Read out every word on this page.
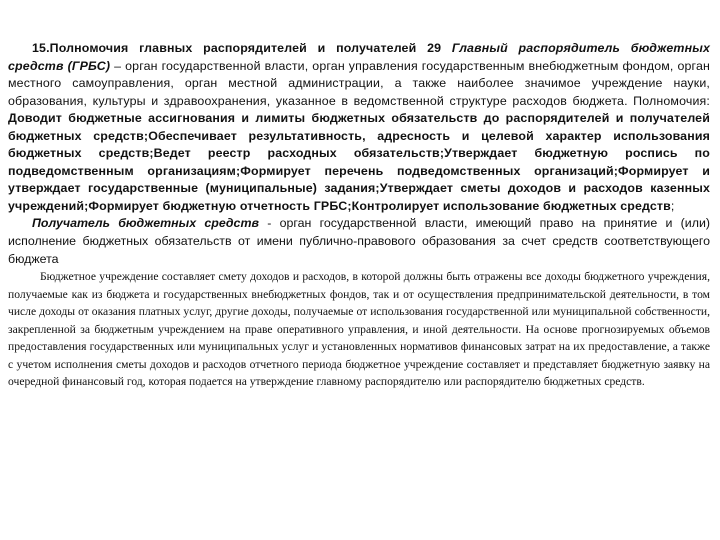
15.Полномочия главных распорядителей и получателей 29 Главный распорядитель бюджетных средств (ГРБС) – орган государственной власти, орган управления государственным внебюджетным фондом, орган местного самоуправления, орган местной администрации, а также наиболее значимое учреждение науки, образования, культуры и здравоохранения, указанное в ведомственной структуре расходов бюджета. Полномочия: Доводит бюджетные ассигнования и лимиты бюджетных обязательств до распорядителей и получателей бюджетных средств;Обеспечивает результативность, адресность и целевой характер использования бюджетных средств;Ведет реестр расходных обязательств;Утверждает бюджетную роспись по подведомственным организациям;Формирует перечень подведомственных организаций;Формирует и утверждает государственные (муниципальные) задания;Утверждает сметы доходов и расходов казенных учреждений;Формирует бюджетную отчетность ГРБС;Контролирует использование бюджетных средств;

Получатель бюджетных средств - орган государственной власти, имеющий право на принятие и (или) исполнение бюджетных обязательств от имени публично-правового образования за счет средств соответствующего бюджета

Бюджетное учреждение составляет смету доходов и расходов, в которой должны быть отражены все доходы бюджетного учреждения, получаемые как из бюджета и государственных внебюджетных фондов, так и от осуществления предпринимательской деятельности, в том числе доходы от оказания платных услуг, другие доходы, получаемые от использования государственной или муниципальной собственности, закрепленной за бюджетным учреждением на праве оперативного управления, и иной деятельности. На основе прогнозируемых объемов предоставления государственных или муниципальных услуг и установленных нормативов финансовых затрат на их предоставление, а также с учетом исполнения сметы доходов и расходов отчетного периода бюджетное учреждение составляет и представляет бюджетную заявку на очередной финансовый год, которая подается на утверждение главному распорядителю или распорядителю бюджетных средств.
